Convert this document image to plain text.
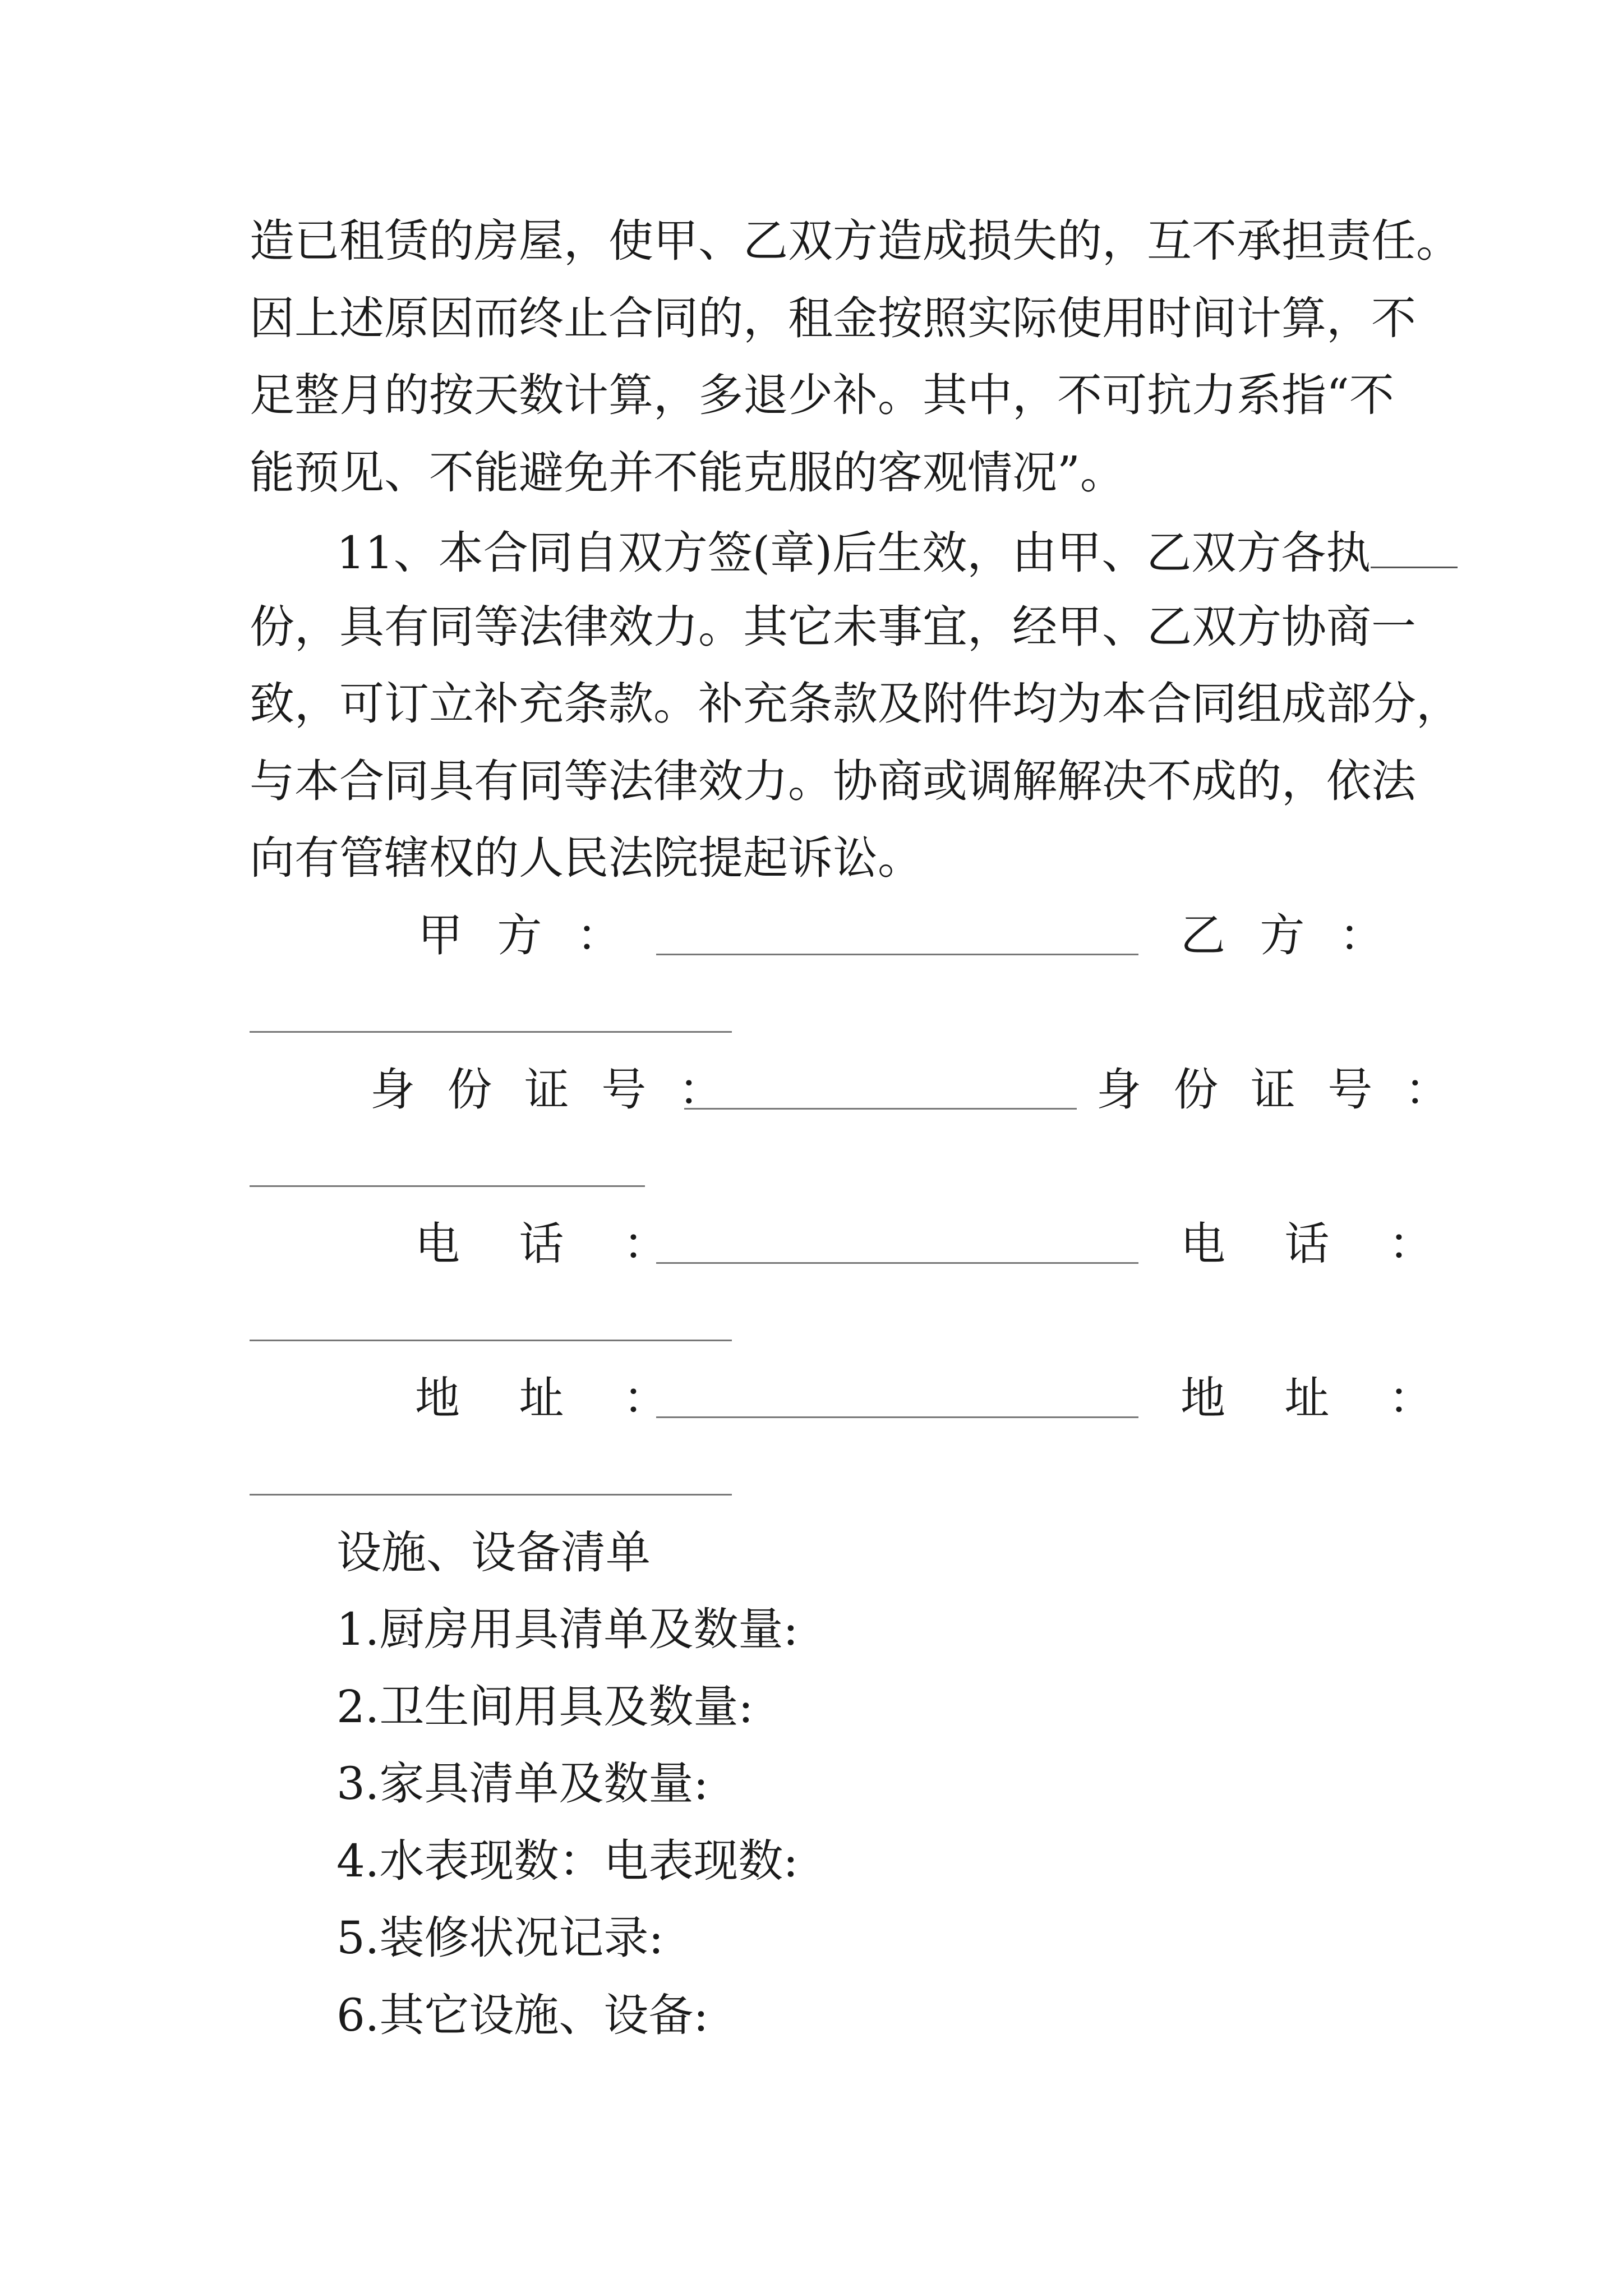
造已租赁的房屋，使甲、乙双方造成损失的，互不承担责任。
因上述原因而终止合同的，租金按照实际使用时间计算，不
足整月的按天数计算，多退少补。其中，不可抗力系指“不
能预见、不能避免并不能克服的客观情况”。
11、本合同自双方签(章)后生效，由甲、乙双方各执
份，具有同等法律效力。其它未事宜，经甲、乙双方协商一
致，可订立补充条款。补充条款及附件均为本合同组成部分，
与本合同具有同等法律效力。协商或调解解决不成的，依法
向有管辖权的人民法院提起诉讼。
甲 方 ：	乙 方 ：
身 份 证 号 ：	身 份 证 号 ：
电 话 ：	电 话 ：
地 址 ：	地 址 ：
设施、设备清单
1.厨房用具清单及数量:
2.卫生间用具及数量:
3.家具清单及数量:
4.水表现数：电表现数:
5.装修状况记录:
6.其它设施、设备:
